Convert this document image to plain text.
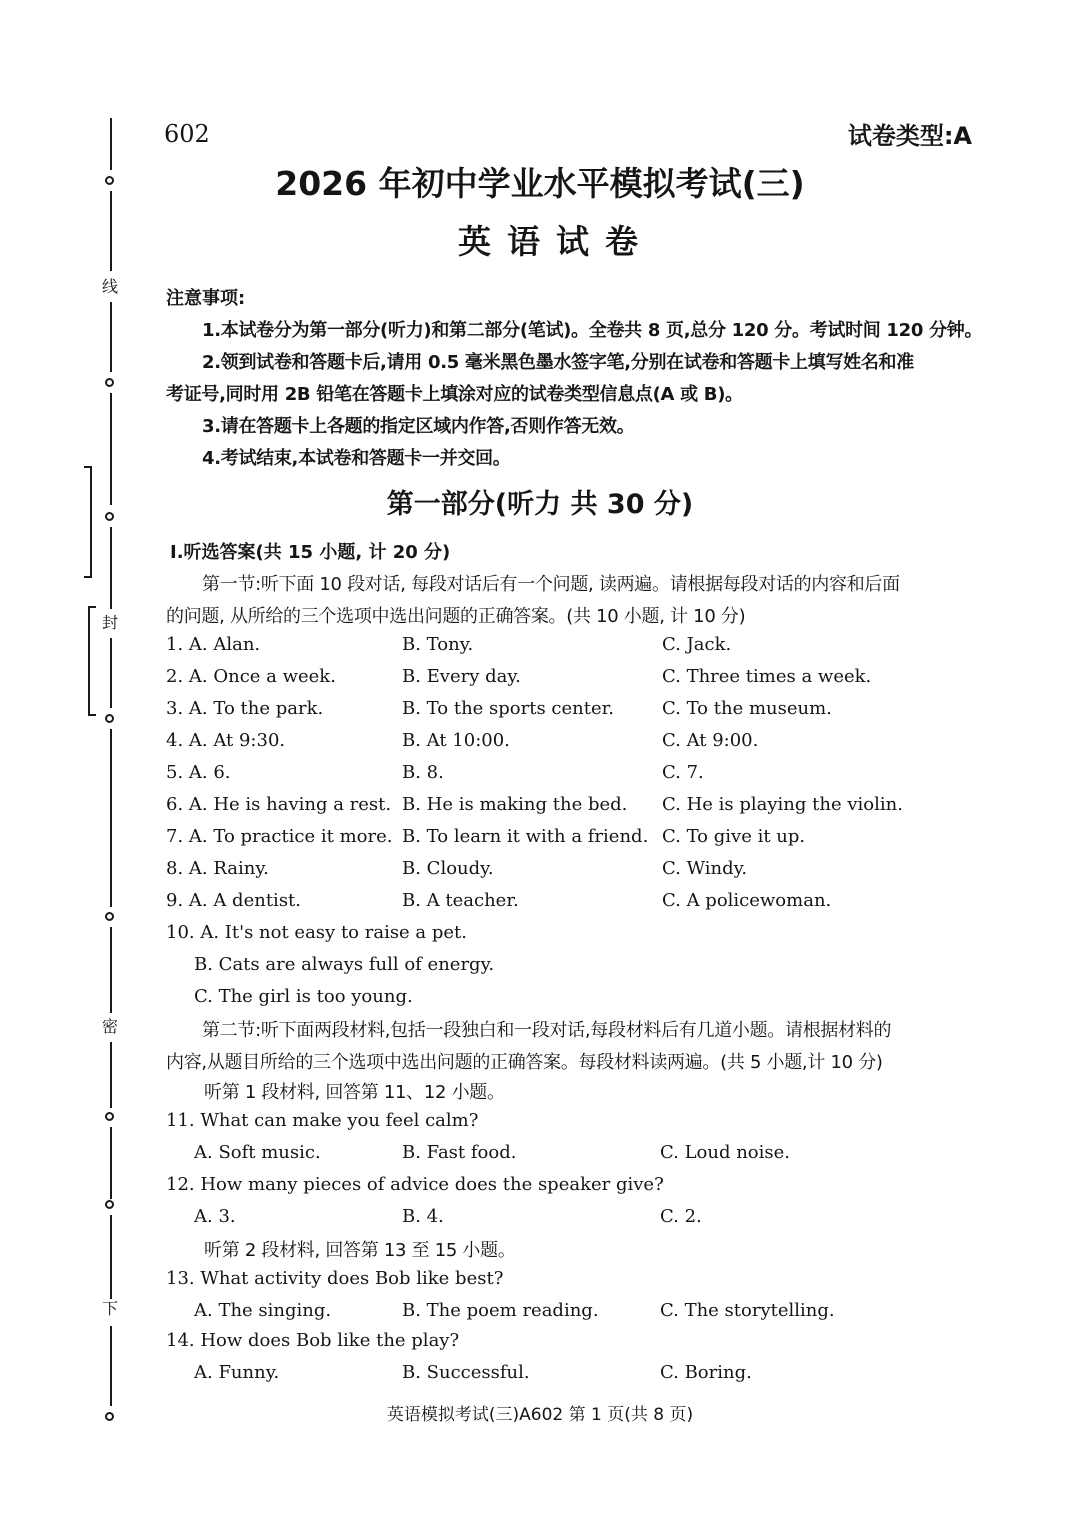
线
封
密
下
602	试卷类型:A
2026 年初中学业水平模拟考试(三)
英语试卷
注意事项:
1.本试卷分为第一部分(听力)和第二部分(笔试)。全卷共 8 页,总分 120 分。考试时间 120 分钟。
2.领到试卷和答题卡后,请用 0.5 毫米黑色墨水签字笔,分别在试卷和答题卡上填写姓名和准
考证号,同时用 2B 铅笔在答题卡上填涂对应的试卷类型信息点(A 或 B)。
3.请在答题卡上各题的指定区域内作答,否则作答无效。
4.考试结束,本试卷和答题卡一并交回。
第一部分(听力 共 30 分)
I.听选答案(共 15 小题, 计 20 分)
第一节:听下面 10 段对话, 每段对话后有一个问题, 读两遍。请根据每段对话的内容和后面
的问题, 从所给的三个选项中选出问题的正确答案。(共 10 小题, 计 10 分)
1. A. Alan.	B. Tony.	C. Jack.
2. A. Once a week.	B. Every day.	C. Three times a week.
3. A. To the park.	B. To the sports center.	C. To the museum.
4. A. At 9:30.	B. At 10:00.	C. At 9:00.
5. A. 6.	B. 8.	C. 7.
6. A. He is having a rest. B. He is making the bed. C. He is playing the violin.
7. A. To practice it more. B. To learn it with a friend. C. To give it up.
8. A. Rainy.	B. Cloudy.	C. Windy.
9. A. A dentist.	B. A teacher.	C. A policewoman.
10. A. It's not easy to raise a pet.
B. Cats are always full of energy.
C. The girl is too young.
第二节:听下面两段材料,包括一段独白和一段对话,每段材料后有几道小题。请根据材料的
内容,从题目所给的三个选项中选出问题的正确答案。每段材料读两遍。(共 5 小题,计 10 分)
听第 1 段材料, 回答第 11、12 小题。
11. What can make you feel calm?
A. Soft music.	B. Fast food.	C. Loud noise.
12. How many pieces of advice does the speaker give?
A. 3.	B. 4.	C. 2.
听第 2 段材料, 回答第 13 至 15 小题。
13. What activity does Bob like best?
A. The singing.	B. The poem reading.	C. The storytelling.
14. How does Bob like the play?
A. Funny.	B. Successful.	C. Boring.
英语模拟考试(三)A602 第 1 页(共 8 页)
